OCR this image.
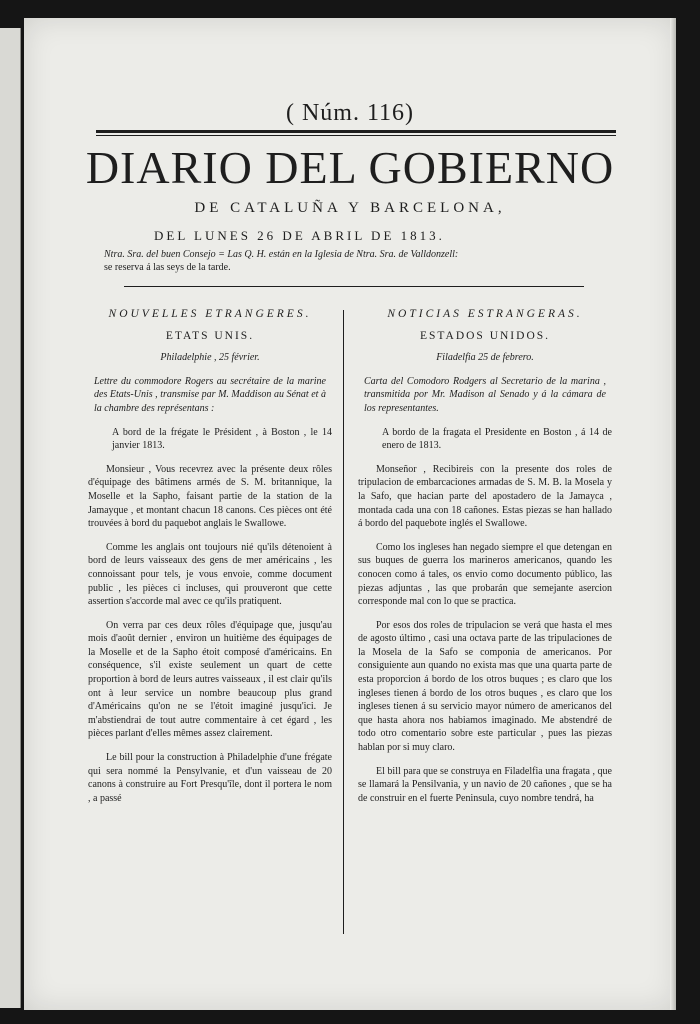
( Núm. 116)
DIARIO DEL GOBIERNO
DE CATALUÑA Y BARCELONA,
DEL LUNES 26 DE ABRIL DE 1813.
Ntra. Sra. del buen Consejo = Las Q. H. están en la Iglesia de Ntra. Sra. de Valldonzell:
se reserva á las seys de la tarde.
NOUVELLES ETRANGERES.
ETATS UNIS.
Philadelphie , 25 février.
Lettre du commodore Rogers au secrétaire de la marine des Etats-Unis , transmise par M. Maddison au Sénat et à la chambre des représentans :
A bord de la frégate le Président , à Boston , le 14 janvier 1813.

Monsieur , Vous recevrez avec la présente deux rôles d'équipage des bâtimens armés de S. M. britannique, la Moselle et la Sapho, faisant partie de la station de la Jamayque , et montant chacun 18 canons. Ces pièces ont été trouvées à bord du paquebot anglais le Swallowe.

Comme les anglais ont toujours nié qu'ils détenoient à bord de leurs vaisseaux des gens de mer américains , les connoissant pour tels, je vous envoie, comme document public , les pièces ci incluses, qui prouveront que cette assertion s'accorde mal avec ce qu'ils pratiquent.

On verra par ces deux rôles d'équipage que, jusqu'au mois d'août dernier , environ un huitième des équipages de la Moselle et de la Sapho étoit composé d'américains. En conséquence, s'il existe seulement un quart de cette proportion à bord de leurs autres vaisseaux , il est clair qu'ils ont à leur service un nombre beaucoup plus grand d'Américains qu'on ne se l'étoit imaginé jusqu'ici. Je m'abstiendrai de tout autre commentaire à cet égard , les pièces parlant d'elles mêmes assez clairement.

Le bill pour la construction à Philadelphie d'une frégate qui sera nommé la Pensylvanie, et d'un vaisseau de 20 canons à construire au Fort Presqu'île, dont il portera le nom , a passé

NOTICIAS ESTRANGERAS.
ESTADOS UNIDOS.
Filadelfia 25 de febrero.
Carta del Comodoro Rodgers al Secretario de la marina , transmitida por Mr. Madison al Senado y á la cámara de los representantes.
A bordo de la fragata el Presidente en Boston , á 14 de enero de 1813.

Monseñor , Recibireis con la presente dos roles de tripulacion de embarcaciones armadas de S. M. B. la Mosela y la Safo, que hacian parte del apostadero de la Jamayca , montada cada una con 18 cañones. Estas piezas se han hallado á bordo del paquebote inglés el Swallowe.

Como los ingleses han negado siempre el que detengan en sus buques de guerra los marineros americanos, quando les conocen como á tales, os envio como documento público, las piezas adjuntas , las que probarán que semejante asercion corresponde mal con lo que se practica.

Por esos dos roles de tripulacion se verá que hasta el mes de agosto último , casi una octava parte de las tripulaciones de la Mosela de la Safo se componia de americanos. Por consiguiente aun quando no exista mas que una quarta parte de esta proporcion á bordo de los otros buques ; es claro que los ingleses tienen á bordo de los otros buques , es claro que los ingleses tienen á su servicio mayor número de americanos del que hasta ahora nos habiamos imaginado. Me abstendré de todo otro comentario sobre este particular , pues las piezas hablan por si muy claro.

El bill para que se construya en Filadelfia una fragata , que se llamará la Pensilvania, y un navio de 20 cañones , que se ha de construir en el fuerte Peninsula, cuyo nombre tendrá, ha
